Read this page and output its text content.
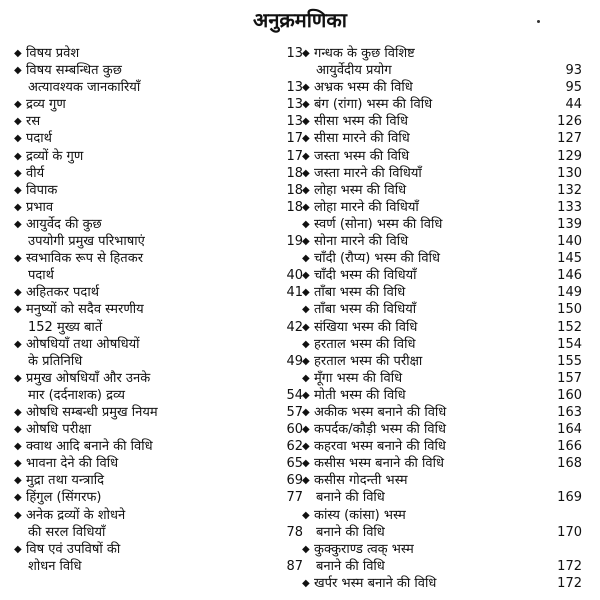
अनुक्रमणिका
◆ विषय प्रवेश	13
◆ विषय सम्बन्धित कुछ
अत्यावश्यक जानकारियाँ	13
◆ द्रव्य गुण	13
◆ रस	13
◆ पदार्थ	17
◆ द्रव्यों के गुण	17
◆ वीर्य	18
◆ विपाक	18
◆ प्रभाव	18
◆ आयुर्वेद की कुछ
उपयोगी प्रमुख परिभाषाएं	19
◆ स्वभाविक रूप से हितकर
पदार्थ	40
◆ अहितकर पदार्थ	41
◆ मनुष्यों को सदैव स्मरणीय
152 मुख्य बातें	42
◆ ओषधियाँ तथा ओषधियों
के प्रतिनिधि	49
◆ प्रमुख ओषधियाँ और उनके
मार (दर्दनाशक) द्रव्य	54
◆ ओषधि सम्बन्धी प्रमुख नियम	57
◆ ओषधि परीक्षा	60
◆ क्वाथ आदि बनाने की विधि	62
◆ भावना देने की विधि	65
◆ मुद्रा तथा यन्त्रादि	69
◆ हिंगुल (सिंगरफ)	77
◆ अनेक द्रव्यों के शोधने
की सरल विधियाँ	78
◆ विष एवं उपविषों की
शोधन विधि	87
◆ गन्धक के कुछ विशिष्ट
आयुर्वेदीय प्रयोग	93
◆ अभ्रक भस्म की विधि	95
◆ बंग (रांगा) भस्म की विधि	44
◆ सीसा भस्म की विधि	126
◆ सीसा मारने की विधि	127
◆ जस्ता भस्म की विधि	129
◆ जस्ता मारने की विधियाँ	130
◆ लोहा भस्म की विधि	132
◆ लोहा मारने की विधियाँ	133
◆ स्वर्ण (सोना) भस्म की विधि	139
◆ सोना मारने की विधि	140
◆ चाँदी (रौप्य) भस्म की विधि	145
◆ चाँदी भस्म की विधियाँ	146
◆ ताँबा भस्म की विधि	149
◆ ताँबा भस्म की विधियाँ	150
◆ संखिया भस्म की विधि	152
◆ हरताल भस्म की विधि	154
◆ हरताल भस्म की परीक्षा	155
◆ मूँगा भस्म की विधि	157
◆ मोती भस्म की विधि	160
◆ अकीक भस्म बनाने की विधि	163
◆ कपर्दक/कौड़ी भस्म की विधि	164
◆ कहरवा भस्म बनाने की विधि	166
◆ कसीस भस्म बनाने की विधि	168
◆ कसीस गोदन्ती भस्म
बनाने की विधि	169
◆ कांस्य (कांसा) भस्म
बनाने की विधि	170
◆ कुक्कुराण्ड त्वक् भस्म
बनाने की विधि	172
◆ खर्पर भस्म बनाने की विधि	172
